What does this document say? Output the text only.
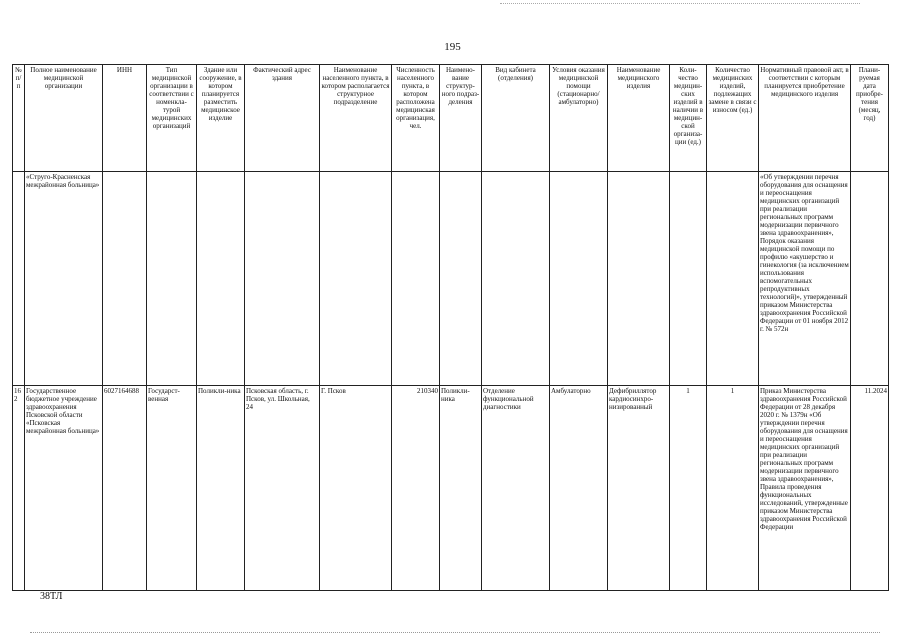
195
№ п/п	Полное наименование медицинской организации	ИНН	Тип медицинской организации в соответствии с номенкла-турой медицинских организаций	Здание или сооружение, в котором планируется разместить медицинское изделие	Фактический адрес здания	Наименование населенного пункта, в котором располагается структурное подразделение	Численность населенного пункта, в котором расположена медицинская организация, чел.	Наимено-вание структур-ного подраз-деления	Вид кабинета (отделения)	Условия оказания медицинской помощи (стационарно/ амбулаторно)	Наименование медицинского изделия	Коли-чество медицин-ских изделий в наличии в медицин-ской организа-ции (ед.)	Количество медицинских изделий, подлежащих замене в связи с износом (ед.)	Нормативный правовой акт, в соответствии с которым планируется приобретение медицинского изделия	Плани-руемая дата приобре-тения (месяц, год)
	«Струго-Красненская межрайонная больница»													«Об утверждении перечня оборудования для оснащения и переоснащения медицинских организаций при реализации региональных программ модернизации первичного звена здравоохранения», Порядок оказания медицинской помощи по профилю «акушерство и гинекология (за исключением использования вспомогательных репродуктивных технологий)», утвержденный приказом Министерства здравоохранения Российской Федерации от 01 ноября 2012 г. № 572н	
162	Государственное бюджетное учреждение здравоохранения Псковской области «Псковская межрайонная больница»	6027164688	Государст-венная	Поликли-ника	Псковская область, г. Псков, ул. Школьная, 24	Г. Псков	210340	Поликли-ника	Отделение функциональной диагностики	Амбулаторно	Дефибриллятор кардиосинхро-низированный	1	1	Приказ Министерства здравоохранения Российской Федерации от 28 декабря 2020 г. № 1379н «Об утверждении перечня оборудования для оснащения и переоснащения медицинских организаций при реализации региональных программ модернизации первичного звена здравоохранения», Правила проведения функциональных исследований, утвержденные приказом Министерства здравоохранения Российской Федерации	11.2024
38ТЛ
